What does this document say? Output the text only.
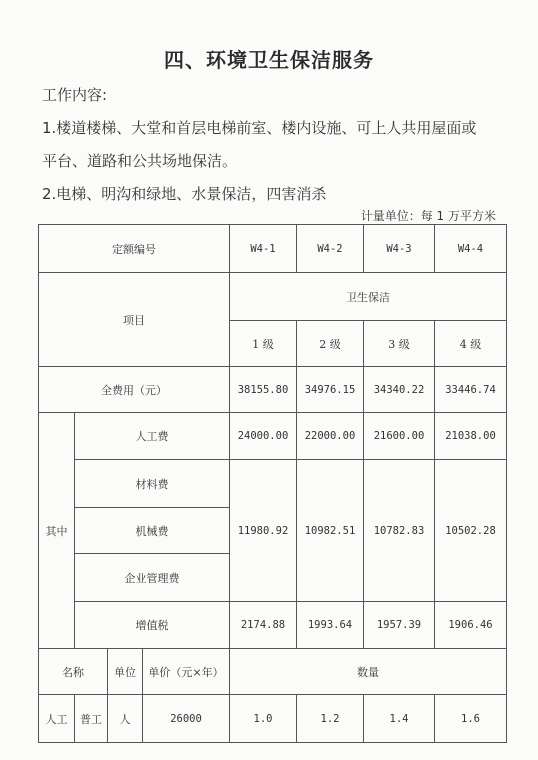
四、环境卫生保洁服务
工作内容:
1.楼道楼梯、大堂和首层电梯前室、楼内设施、可上人共用屋面或
平台、道路和公共场地保洁。
2.电梯、明沟和绿地、水景保洁，四害消杀
计量单位：每 1 万平方米
定额编号		W4-1	W4-2	W4-3	W4-4
项目		卫生保洁			
		1 级	2 级	3 级	4 级
全费用（元）		38155.80	34976.15	34340.22	33446.74
其中	人工费	24000.00	22000.00	21600.00	21038.00
	材料费	11980.92	10982.51	10782.83	10502.28
	机械费				
	企业管理费				
	增值税	2174.88	1993.64	1957.39	1906.46
名称		单位	单价（元×年）	数量			
人工	普工	人	26000	1.0	1.2	1.4	1.6
